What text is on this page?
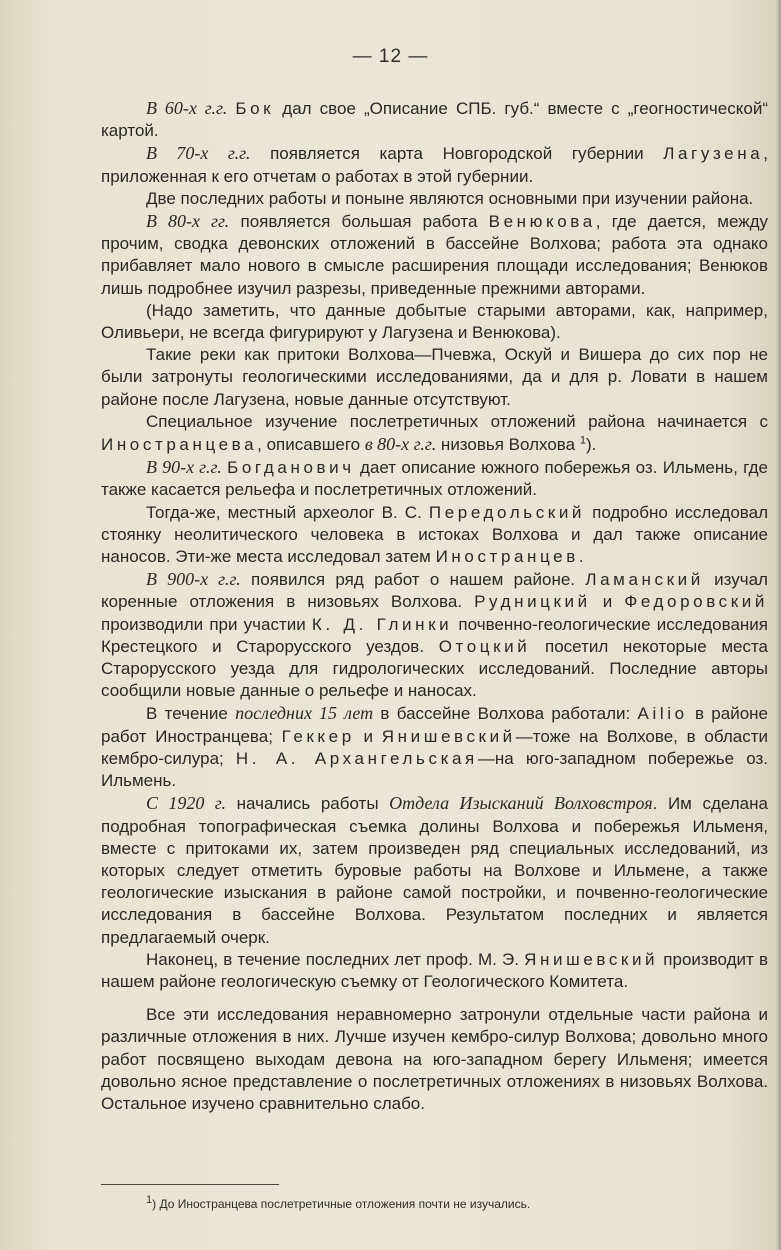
— 12 —

В 60-х г.г. Бок дал свое „Описание СПБ. губ.“ вместе с „геогностической“ картой.

В 70-х г.г. появляется карта Новгородской губернии Лагузена, приложенная к его отчетам о работах в этой губернии.

Две последних работы и поныне являются основными при изучении района.

В 80-х гг. появляется большая работа Венюкова, где дается, между прочим, сводка девонских отложений в бассейне Волхова; работа эта однако прибавляет мало нового в смысле расширения площади исследования; Венюков лишь подробнее изучил разрезы, приведенные прежними авторами.

(Надо заметить, что данные добытые старыми авторами, как, например, Оливьери, не всегда фигурируют у Лагузена и Венюкова).

Такие реки как притоки Волхова—Пчевжа, Оскуй и Вишера до сих пор не были затронуты геологическими исследованиями, да и для р. Ловати в нашем районе после Лагузена, новые данные отсутствуют.

Специальное изучение послетретичных отложений района начинается с Иностранцева, описавшего в 80-х г.г. низовья Волхова $^1$).

В 90-х г.г. Богданович дает описание южного побережья оз. Ильмень, где также касается рельефа и послетретичных отложений.

Тогда-же, местный археолог В. С. Передольский подробно исследовал стоянку неолитического человека в истоках Волхова и дал также описание наносов. Эти-же места исследовал затем Иностранцев.

В 900-х г.г. появился ряд работ о нашем районе. Ламанский изучал коренные отложения в низовьях Волхова. Рудницкий и Федоровский производили при участии К. Д. Глинки почвенно-геологические исследования Крестецкого и Старорусского уездов. Отоцкий посетил некоторые места Старорусского уезда для гидрологических исследований. Последние авторы сообщили новые данные о рельефе и наносах.

В течение последних 15 лет в бассейне Волхова работали: Ailio в районе работ Иностранцева; Геккер и Янишевский—тоже на Волхове, в области кембро-силура; Н. А. Архангельская—на юго-западном побережье оз. Ильмень.

С 1920 г. начались работы Отдела Изысканий Волховстроя. Им сделана подробная топографическая съемка долины Волхова и побережья Ильменя, вместе с притоками их, затем произведен ряд специальных исследований, из которых следует отметить буровые работы на Волхове и Ильмене, а также геологические изыскания в районе самой постройки, и почвенно-геологические исследования в бассейне Волхова. Результатом последних и является предлагаемый очерк.

Наконец, в течение последних лет проф. М. Э. Янишевский производит в нашем районе геологическую съемку от Геологического Комитета.

Все эти исследования неравномерно затронули отдельные части района и различные отложения в них. Лучше изучен кембро-силур Волхова; довольно много работ посвящено выходам девона на юго-западном берегу Ильменя; имеется довольно ясное представление о послетретичных отложениях в низовьях Волхова. Остальное изучено сравнительно слабо.

$^1$) До Иностранцева послетретичные отложения почти не изучались.
